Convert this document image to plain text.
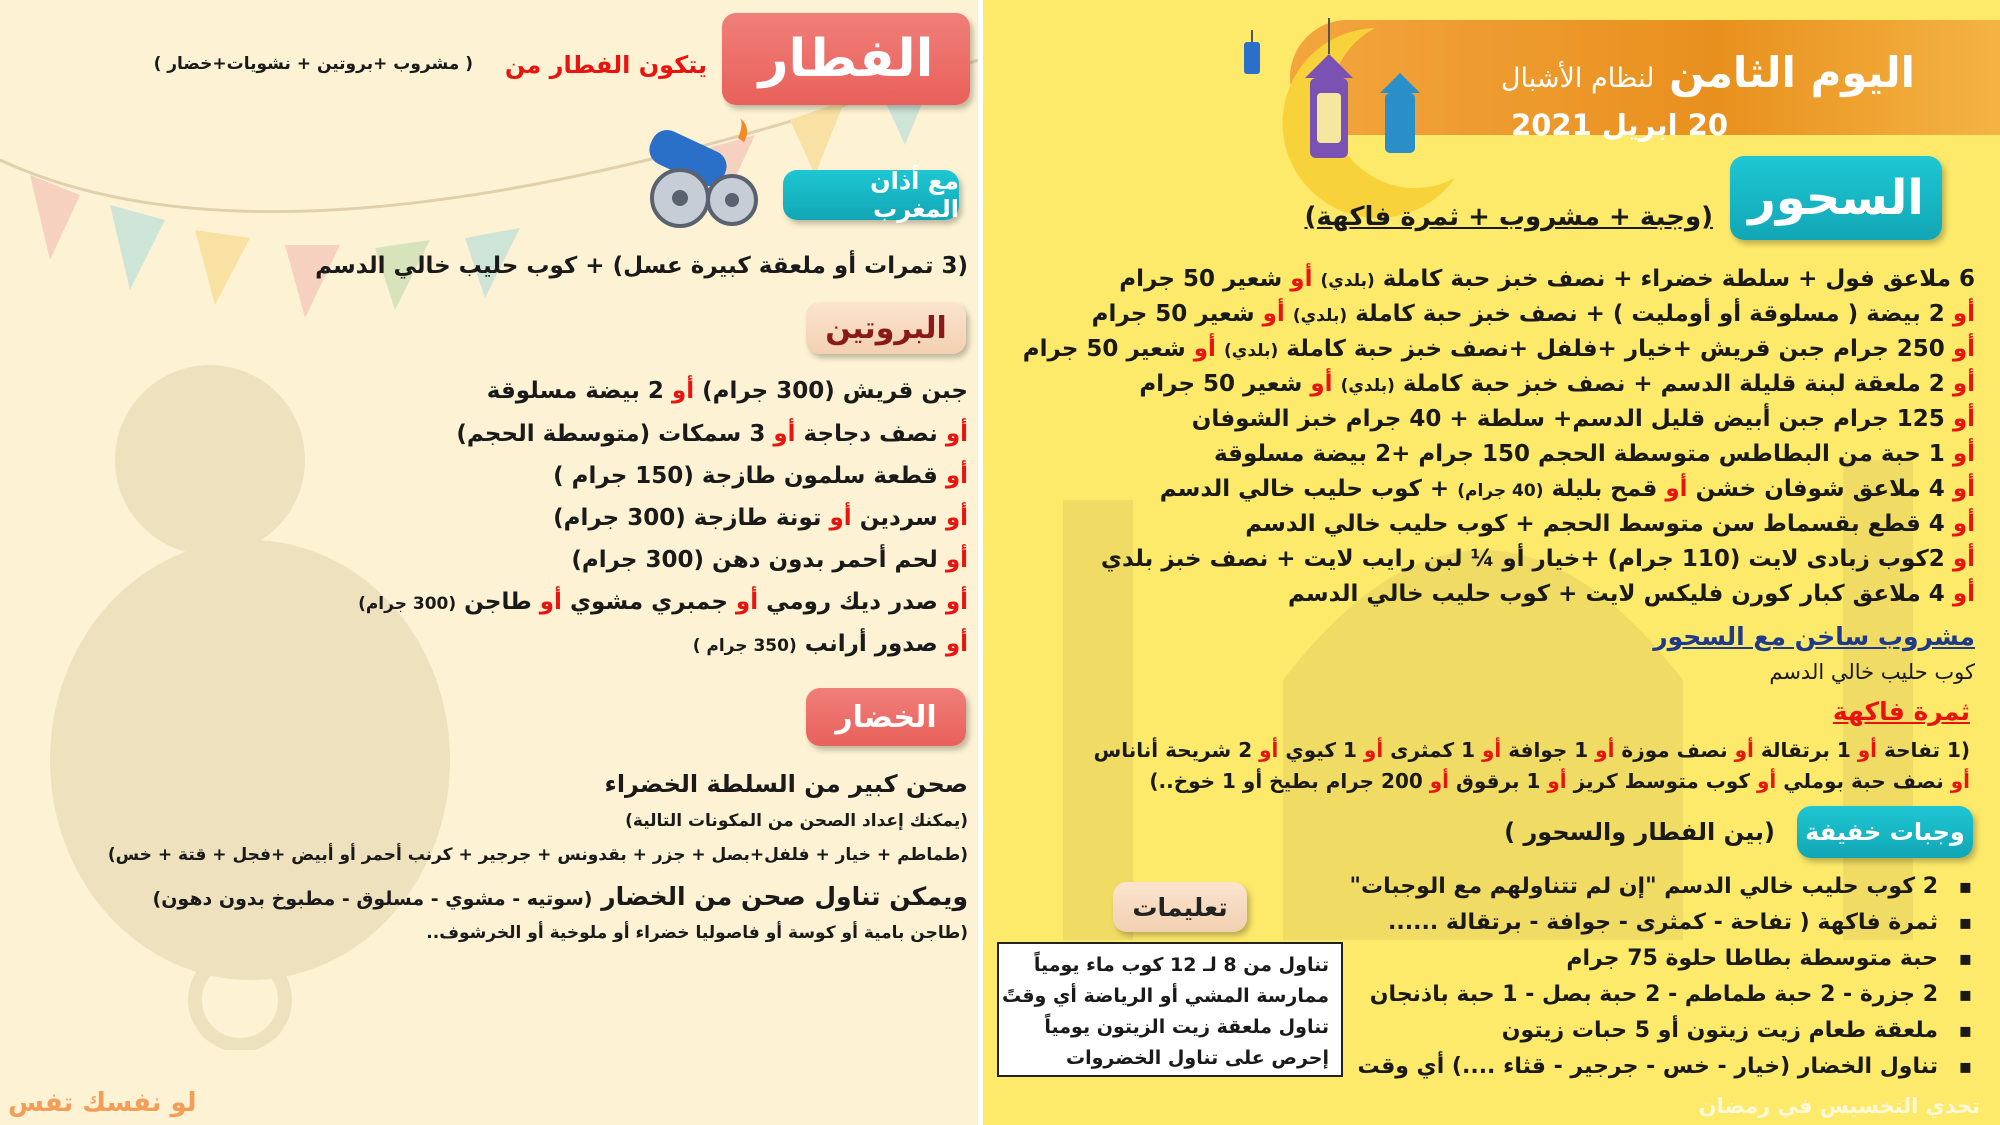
الفطار
يتكون الفطار من
( مشروب +بروتين + نشويات+خضار )
مع أذان المغرب
(3 تمرات أو ملعقة كبيرة عسل) + كوب حليب خالي الدسم
البروتين
جبن قريش (300 جرام) أو 2 بيضة مسلوقة
أو نصف دجاجة أو 3 سمكات (متوسطة الحجم)
أو قطعة سلمون طازجة (150 جرام )
أو سردين أو تونة طازجة (300 جرام)
أو لحم أحمر بدون دهن (300 جرام)
أو صدر ديك رومي أو جمبري مشوي أو طاجن (300 جرام)
أو صدور أرانب (350 جرام )
الخضار
صحن كبير من السلطة الخضراء
(يمكنك إعداد الصحن من المكونات التالية)
(طماطم + خيار + فلفل+بصل + جزر + بقدونس + جرجير + كرنب أحمر أو أبيض +فجل + قتة + خس)
ويمكن تناول صحن من الخضار (سوتيه - مشوي - مسلوق - مطبوخ بدون دهون)
(طاجن بامية أو كوسة أو فاصوليا خضراء أو ملوخية أو الخرشوف..
لو نفسك تفس
اليوم الثامن لنظام الأشبال
20 ابريل 2021
السحور
(وجبة + مشروب + ثمرة فاكهة)
6 ملاعق فول + سلطة خضراء + نصف خبز حبة كاملة (بلدي) أو شعير 50 جرام
أو 2 بيضة ( مسلوقة أو أومليت ) + نصف خبز حبة كاملة (بلدي) أو شعير 50 جرام
أو 250 جرام جبن قريش +خيار +فلفل +نصف خبز حبة كاملة (بلدي) أو شعير 50 جرام
أو 2 ملعقة لبنة قليلة الدسم + نصف خبز حبة كاملة (بلدي) أو شعير 50 جرام
أو 125 جرام جبن أبيض قليل الدسم+ سلطة + 40 جرام خبز الشوفان
أو 1 حبة من البطاطس متوسطة الحجم 150 جرام +2 بيضة مسلوقة
أو 4 ملاعق شوفان خشن أو قمح بليلة (40 جرام) + كوب حليب خالي الدسم
أو 4 قطع بقسماط سن متوسط الحجم + كوب حليب خالي الدسم
أو 2كوب زبادى لايت (110 جرام) +خيار أو ¼ لبن رايب لايت + نصف خبز بلدي
أو 4 ملاعق كبار كورن فليكس لايت + كوب حليب خالي الدسم
مشروب ساخن مع السحور
كوب حليب خالي الدسم
ثمرة فاكهة
(1 تفاحة أو 1 برتقالة أو نصف موزة أو 1 جوافة أو 1 كمثرى أو 1 كيوي أو 2 شريحة أناناس
أو نصف حبة بوملي أو كوب متوسط كريز أو 1 برقوق أو 200 جرام بطيخ أو 1 خوخ..)
وجبات خفيفة
(بين الفطار والسحور )
2 كوب حليب خالي الدسم "إن لم تتناولهم مع الوجبات" ▪
ثمرة فاكهة ( تفاحة - كمثرى - جوافة - برتقالة ...... ▪
حبة متوسطة بطاطا حلوة 75 جرام ▪
2 جزرة - 2 حبة طماطم - 2 حبة بصل - 1 حبة باذنجان ▪
ملعقة طعام زيت زيتون أو 5 حبات زيتون ▪
تناول الخضار (خيار - خس - جرجير - قثاء ....) أي وقت ▪
تعليمات
تناول من 8 لـ 12 كوب ماء يومياً
ممارسة المشي أو الرياضة أي وقتً
تناول ملعقة زيت الزيتون يومياً
إحرص على تناول الخضروات
تحدي التخسيس في رمضان
